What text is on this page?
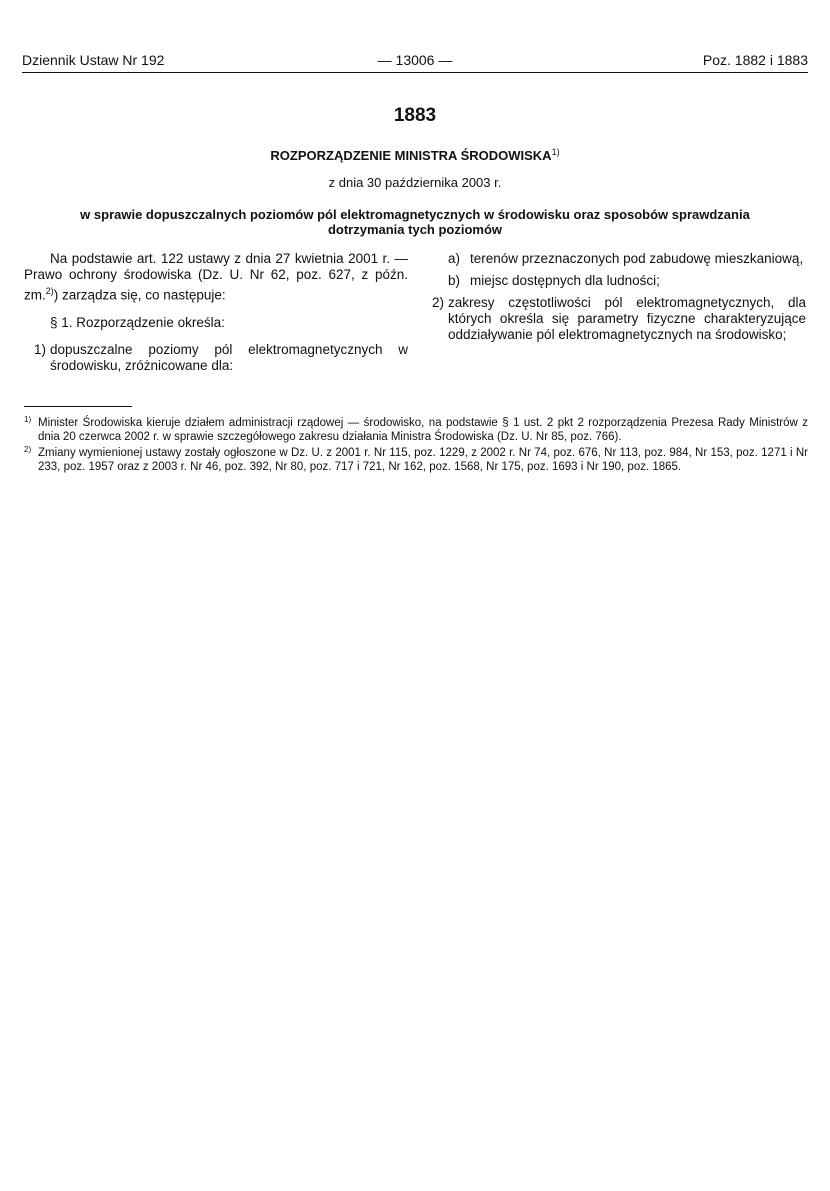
Dziennik Ustaw Nr 192	— 13006 —	Poz. 1882 i 1883
1883
ROZPORZĄDZENIE MINISTRA ŚRODOWISKA$^{1)}$
z dnia 30 października 2003 r.
w sprawie dopuszczalnych poziomów pól elektromagnetycznych w środowisku oraz sposobów sprawdzania dotrzymania tych poziomów

Na podstawie art. 122 ustawy z dnia 27 kwietnia 2001 r. — Prawo ochrony środowiska (Dz. U. Nr 62, poz. 627, z późn. zm.$^{2)}$) zarządza się, co następuje:

§ 1. Rozporządzenie określa:

1) dopuszczalne poziomy pól elektromagnetycznych w środowisku, zróżnicowane dla:
a) terenów przeznaczonych pod zabudowę mieszkaniową,
b) miejsc dostępnych dla ludności;
2) zakresy częstotliwości pól elektromagnetycznych, dla których określa się parametry fizyczne charakteryzujące oddziaływanie pól elektromagnetycznych na środowisko;

1) Minister Środowiska kieruje działem administracji rządowej — środowisko, na podstawie § 1 ust. 2 pkt 2 rozporządzenia Prezesa Rady Ministrów z dnia 20 czerwca 2002 r. w sprawie szczegółowego zakresu działania Ministra Środowiska (Dz. U. Nr 85, poz. 766).

2) Zmiany wymienionej ustawy zostały ogłoszone w Dz. U. z 2001 r. Nr 115, poz. 1229, z 2002 r. Nr 74, poz. 676, Nr 113, poz. 984, Nr 153, poz. 1271 i Nr 233, poz. 1957 oraz z 2003 r. Nr 46, poz. 392, Nr 80, poz. 717 i 721, Nr 162, poz. 1568, Nr 175, poz. 1693 i Nr 190, poz. 1865.
